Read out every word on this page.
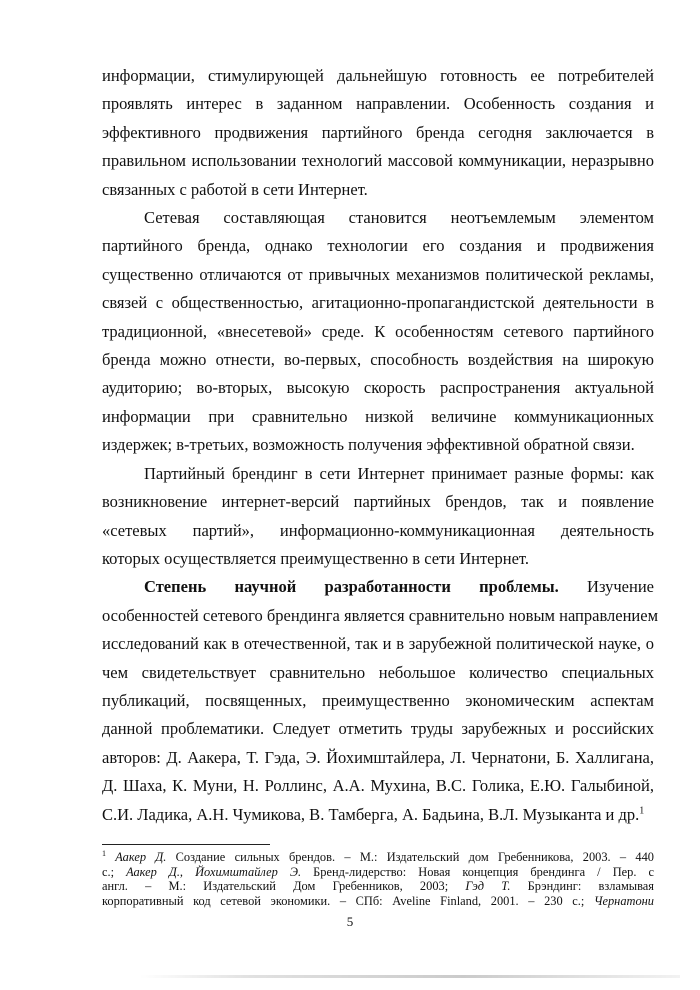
информации, стимулирующей дальнейшую готовность ее потребителей
проявлять интерес в заданном направлении. Особенность создания и
эффективного продвижения партийного бренда сегодня заключается в
правильном использовании технологий массовой коммуникации, неразрывно
связанных с работой в сети Интернет.

Сетевая составляющая становится неотъемлемым элементом
партийного бренда, однако технологии его создания и продвижения
существенно отличаются от привычных механизмов политической рекламы,
связей с общественностью, агитационно-пропагандистской деятельности в
традиционной, «внесетевой» среде. К особенностям сетевого партийного
бренда можно отнести, во-первых, способность воздействия на широкую
аудиторию; во-вторых, высокую скорость распространения актуальной
информации при сравнительно низкой величине коммуникационных
издержек; в-третьих, возможность получения эффективной обратной связи.

Партийный брендинг в сети Интернет принимает разные формы: как
возникновение интернет-версий партийных брендов, так и появление
«сетевых партий», информационно-коммуникационная деятельность
которых осуществляется преимущественно в сети Интернет.

Степень научной разработанности проблемы. Изучение
особенностей сетевого брендинга является сравнительно новым направлением
исследований как в отечественной, так и в зарубежной политической науке, о
чем свидетельствует сравнительно небольшое количество специальных
публикаций, посвященных, преимущественно экономическим аспектам
данной проблематики. Следует отметить труды зарубежных и российских
авторов: Д. Аакера, Т. Гэда, Э. Йохимштайлера, Л. Чернатони, Б. Халлигана,
Д. Шаха, К. Муни, Н. Роллинс, А.А. Мухина, В.С. Голика, Е.Ю. Галыбиной,
С.И. Ладика, А.Н. Чумикова, В. Тамберга, А. Бадьина, В.Л. Музыканта и др.$^1$

$^1$ Аакер Д. Создание сильных брендов. – М.: Издательский дом Гребенникова, 2003. – 440
с.; Аакер Д., Йохимштайлер Э. Бренд-лидерство: Новая концепция брендинга / Пер. с
англ. – М.: Издательский Дом Гребенников, 2003; Гэд Т. Брэндинг: взламывая
корпоративный код сетевой экономики. – СПб: Aveline Finland, 2001. – 230 с.; Чернатони
5
